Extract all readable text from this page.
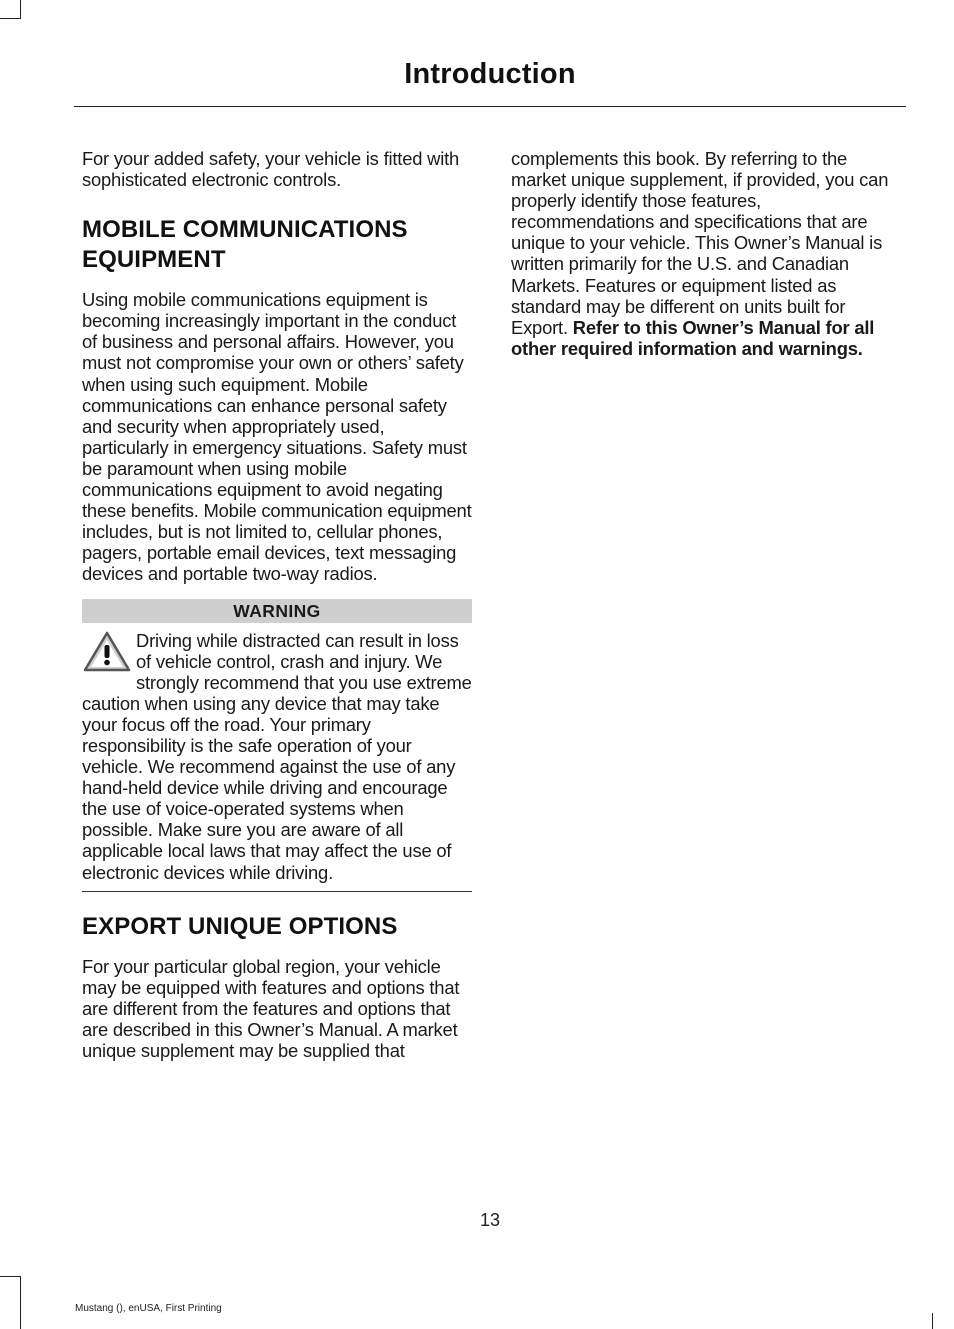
Introduction

For your added safety, your vehicle is fitted with sophisticated electronic controls.

MOBILE COMMUNICATIONS EQUIPMENT

Using mobile communications equipment is becoming increasingly important in the conduct of business and personal affairs. However, you must not compromise your own or others’ safety when using such equipment. Mobile communications can enhance personal safety and security when appropriately used, particularly in emergency situations. Safety must be paramount when using mobile communications equipment to avoid negating these benefits. Mobile communication equipment includes, but is not limited to, cellular phones, pagers, portable email devices, text messaging devices and portable two-way radios.

WARNING

Driving while distracted can result in loss of vehicle control, crash and injury. We strongly recommend that you use extreme caution when using any device that may take your focus off the road. Your primary responsibility is the safe operation of your vehicle. We recommend against the use of any hand-held device while driving and encourage the use of voice-operated systems when possible. Make sure you are aware of all applicable local laws that may affect the use of electronic devices while driving.

EXPORT UNIQUE OPTIONS

For your particular global region, your vehicle may be equipped with features and options that are different from the features and options that are described in this Owner’s Manual. A market unique supplement may be supplied that

complements this book. By referring to the market unique supplement, if provided, you can properly identify those features, recommendations and specifications that are unique to your vehicle. This Owner’s Manual is written primarily for the U.S. and Canadian Markets. Features or equipment listed as standard may be different on units built for Export. Refer to this Owner’s Manual for all other required information and warnings.

13
Mustang (), enUSA, First Printing
